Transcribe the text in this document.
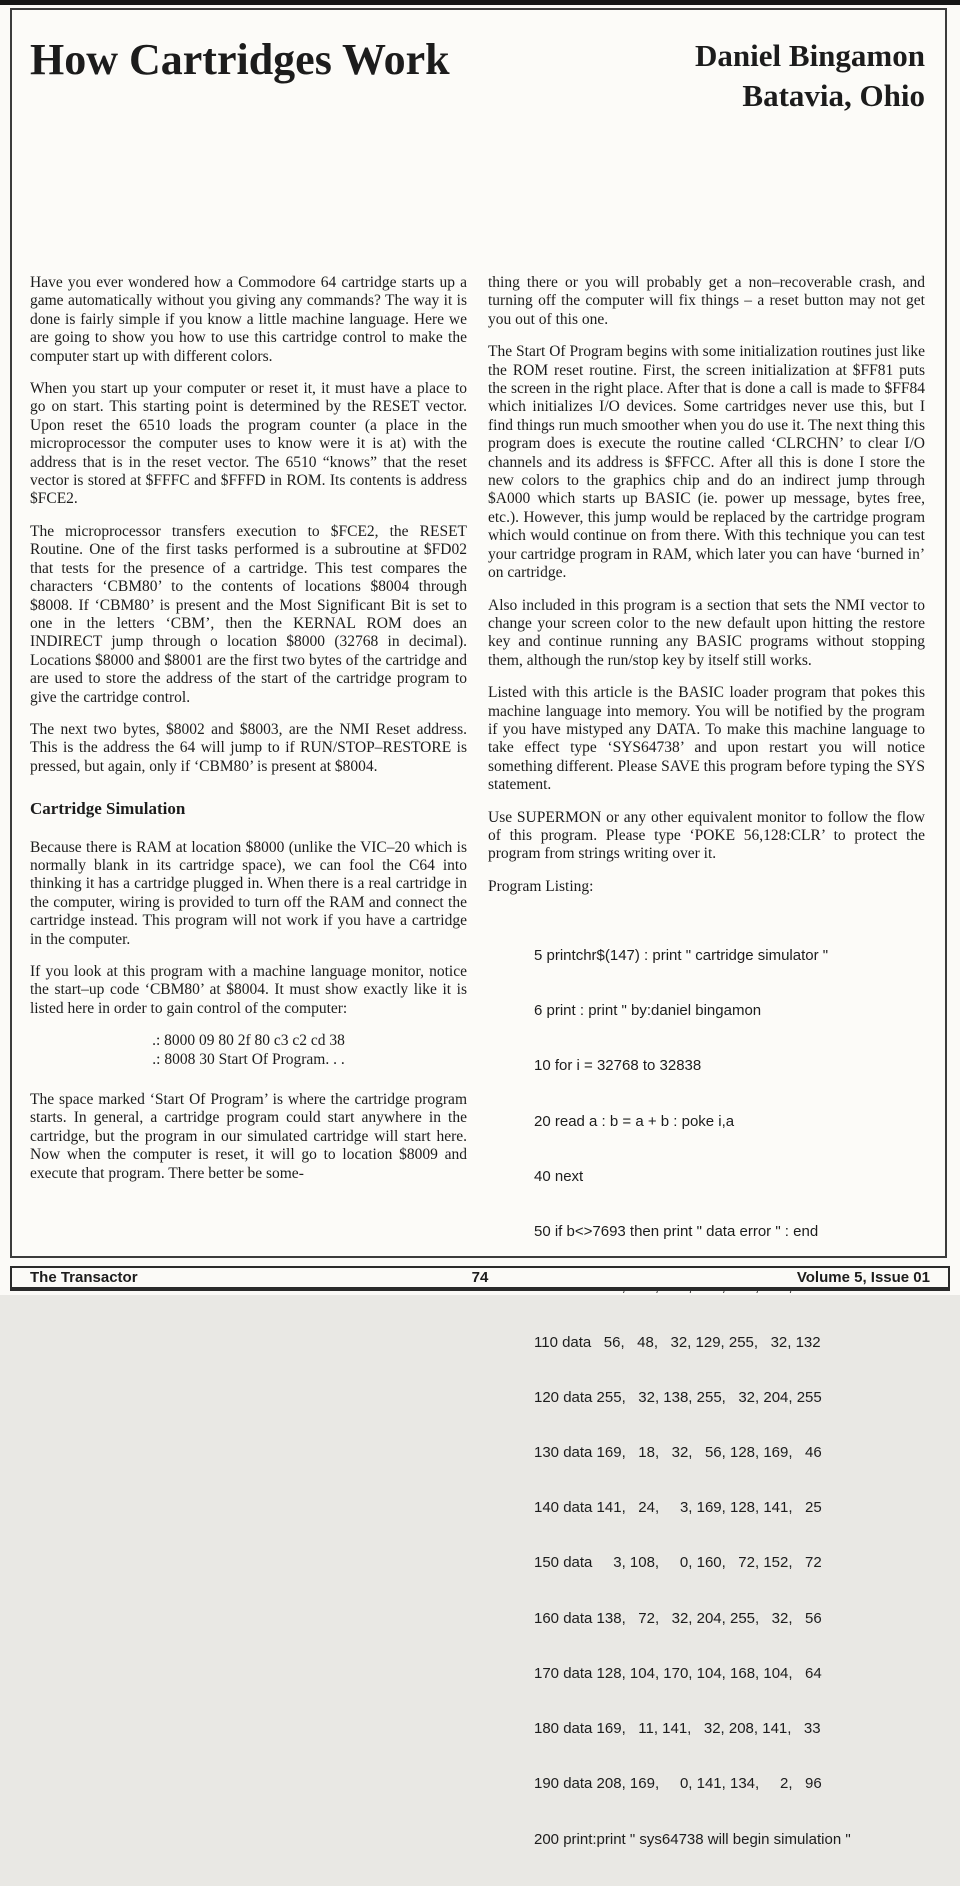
How Cartridges Work	Daniel Bingamon
Batavia, Ohio

Have you ever wondered how a Commodore 64 cartridge starts up a game automatically without you giving any commands? The way it is done is fairly simple if you know a little machine language. Here we are going to show you how to use this cartridge control to make the computer start up with different colors.

When you start up your computer or reset it, it must have a place to go on start. This starting point is determined by the RESET vector. Upon reset the 6510 loads the program counter (a place in the microprocessor the computer uses to know were it is at) with the address that is in the reset vector. The 6510 “knows” that the reset vector is stored at $FFFC and $FFFD in ROM. Its contents is address $FCE2.

The microprocessor transfers execution to $FCE2, the RESET Routine. One of the first tasks performed is a subroutine at $FD02 that tests for the presence of a cartridge. This test compares the characters ‘CBM80’ to the contents of locations $8004 through $8008. If ‘CBM80’ is present and the Most Significant Bit is set to one in the letters ‘CBM’, then the KERNAL ROM does an INDIRECT jump through o location $8000 (32768 in decimal). Locations $8000 and $8001 are the first two bytes of the cartridge and are used to store the address of the start of the cartridge program to give the cartridge control.

The next two bytes, $8002 and $8003, are the NMI Reset address. This is the address the 64 will jump to if RUN/STOP–RESTORE is pressed, but again, only if ‘CBM80’ is present at $8004.

Cartridge Simulation

Because there is RAM at location $8000 (unlike the VIC–20 which is normally blank in its cartridge space), we can fool the C64 into thinking it has a cartridge plugged in. When there is a real cartridge in the computer, wiring is provided to turn off the RAM and connect the cartridge instead. This program will not work if you have a cartridge in the computer.

If you look at this program with a machine language monitor, notice the start–up code ‘CBM80’ at $8004. It must show exactly like it is listed here in order to gain control of the computer:

.: 8000 09 80 2f 80 c3 c2 cd 38
.: 8008 30 Start Of Program. . .

The space marked ‘Start Of Program’ is where the cartridge program starts. In general, a cartridge program could start anywhere in the cartridge, but the program in our simulated cartridge will start here. Now when the computer is reset, it will go to location $8009 and execute that program. There better be some-

thing there or you will probably get a non–recoverable crash, and turning off the computer will fix things – a reset button may not get you out of this one.

The Start Of Program begins with some initialization routines just like the ROM reset routine. First, the screen initialization at $FF81 puts the screen in the right place. After that is done a call is made to $FF84 which initializes I/O devices. Some cartridges never use this, but I find things run much smoother when you do use it. The next thing this program does is execute the routine called ‘CLRCHN’ to clear I/O channels and its address is $FFCC. After all this is done I store the new colors to the graphics chip and do an indirect jump through $A000 which starts up BASIC (ie. power up message, bytes free, etc.). However, this jump would be replaced by the cartridge program which would continue on from there. With this technique you can test your cartridge program in RAM, which later you can have ‘burned in’ on cartridge.

Also included in this program is a section that sets the NMI vector to change your screen color to the new default upon hitting the restore key and continue running any BASIC programs without stopping them, although the run/stop key by itself still works.

Listed with this article is the BASIC loader program that pokes this machine language into memory. You will be notified by the program if you have mistyped any DATA. To make this machine language to take effect type ‘SYS64738’ and upon restart you will notice something different. Please SAVE this program before typing the SYS statement.

Use SUPERMON or any other equivalent monitor to follow the flow of this program. Please type ‘POKE 56,128:CLR’ to protect the program from strings writing over it.

Program Listing:

5 printchr$(147) : print " cartridge simulator "

6 print : print " by:daniel bingamon

10 for i = 32768 to 32838

20 read a : b = a + b : poke i,a

40 next

50 if b<>7693 then print " data error " : end

110 data   56,   48,   32, 129, 255,   32, 132

120 data 255,   32, 138, 255,   32, 204, 255

130 data 169,   18,   32,   56, 128, 169,   46

140 data 141,   24,     3, 169, 128, 141,   25

150 data     3, 108,     0, 160,   72, 152,   72

160 data 138,   72,   32, 204, 255,   32,   56

170 data 128, 104, 170, 104, 168, 104,   64

180 data 169,   11, 141,   32, 208, 141,   33

190 data 208, 169,     0, 141, 134,     2,   96

200 print:print " sys64738 will begin simulation "

The Transactor	74	Volume 5, Issue 01
